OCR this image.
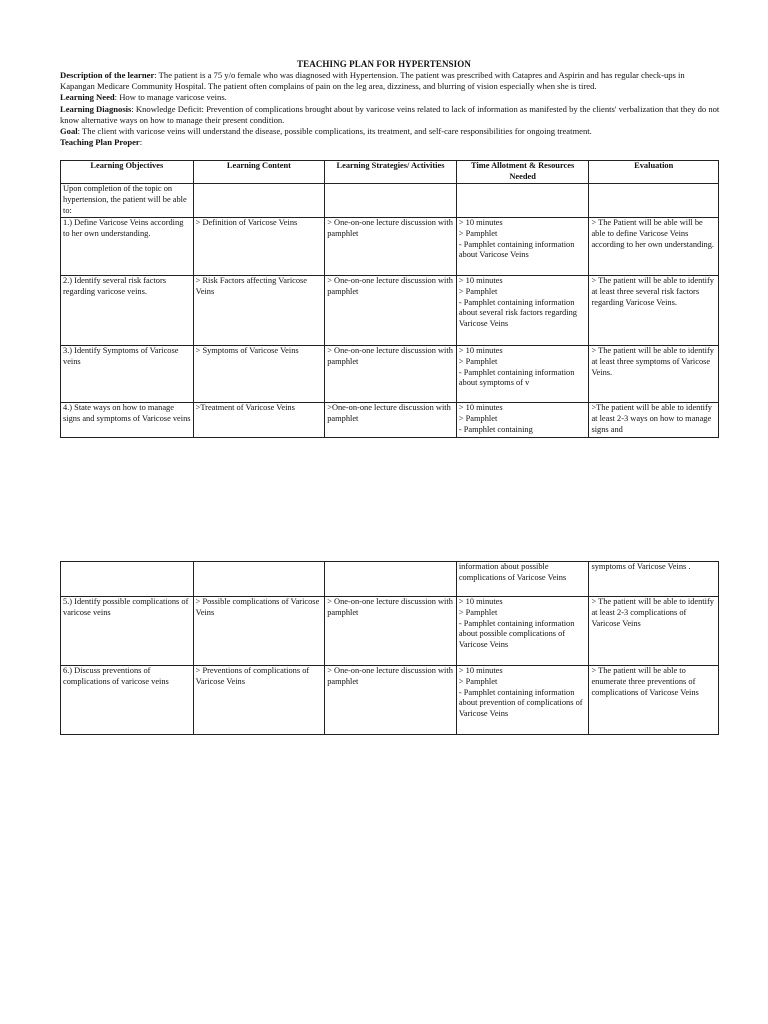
TEACHING PLAN FOR HYPERTENSION

Description of the learner: The patient is a 75 y/o female who was diagnosed with Hypertension. The patient was prescribed with Catapres and Aspirin and has regular check-ups in Kapangan Medicare Community Hospital. The patient often complains of pain on the leg area, dizziness, and blurring of vision especially when she is tired.

Learning Need: How to manage varicose veins.

Learning Diagnosis: Knowledge Deficit: Prevention of complications brought about by varicose veins related to lack of information as manifested by the clients' verbalization that they do not know alternative ways on how to manage their present condition.

Goal: The client with varicose veins will understand the disease, possible complications, its treatment, and self-care responsibilities for ongoing treatment.

Teaching Plan Proper:

Learning Objectives	Learning Content	Learning Strategies/ Activities	Time Allotment & Resources Needed	Evaluation
Upon completion of the topic on hypertension, the patient will be able to:				

1.) Define Varicose Veins according to her own understanding.	> Definition of Varicose Veins	> One-on-one lecture discussion with pamphlet	> 10 minutes
> Pamphlet
- Pamphlet containing information about Varicose Veins	> The Patient will be able will be able to define Varicose Veins according to her own understanding.

2.) Identify several risk factors regarding varicose veins.	> Risk Factors affecting Varicose Veins	> One-on-one lecture discussion with pamphlet	> 10 minutes
> Pamphlet
- Pamphlet containing information about several risk factors regarding Varicose Veins	> The patient will be able to identify at least three several risk factors regarding Varicose Veins.

3.) Identify Symptoms of Varicose veins	> Symptoms of Varicose Veins	> One-on-one lecture discussion with pamphlet	> 10 minutes
> Pamphlet
- Pamphlet containing information about symptoms of v	> The patient will be able to identify at least three symptoms of Varicose Veins.

4.) State ways on how to manage signs and symptoms of Varicose veins	>Treatment of Varicose Veins	>One-on-one lecture discussion with pamphlet	> 10 minutes
> Pamphlet
- Pamphlet containing	>The patient will be able to identify at least 2-3 ways on how to manage signs and

			information about possible complications of Varicose Veins	symptoms of Varicose Veins .

5.) Identify possible complications of varicose veins	> Possible complications of Varicose Veins	> One-on-one lecture discussion with pamphlet	> 10 minutes
> Pamphlet
- Pamphlet containing information about possible complications of Varicose Veins	> The patient will be able to identify at least 2-3 complications of Varicose Veins

6.) Discuss preventions of complications of varicose veins	> Preventions of complications of Varicose Veins	> One-on-one lecture discussion with pamphlet	> 10 minutes
> Pamphlet
- Pamphlet containing information about prevention of complications of Varicose Veins	> The patient will be able to enumerate three preventions of complications of Varicose Veins
